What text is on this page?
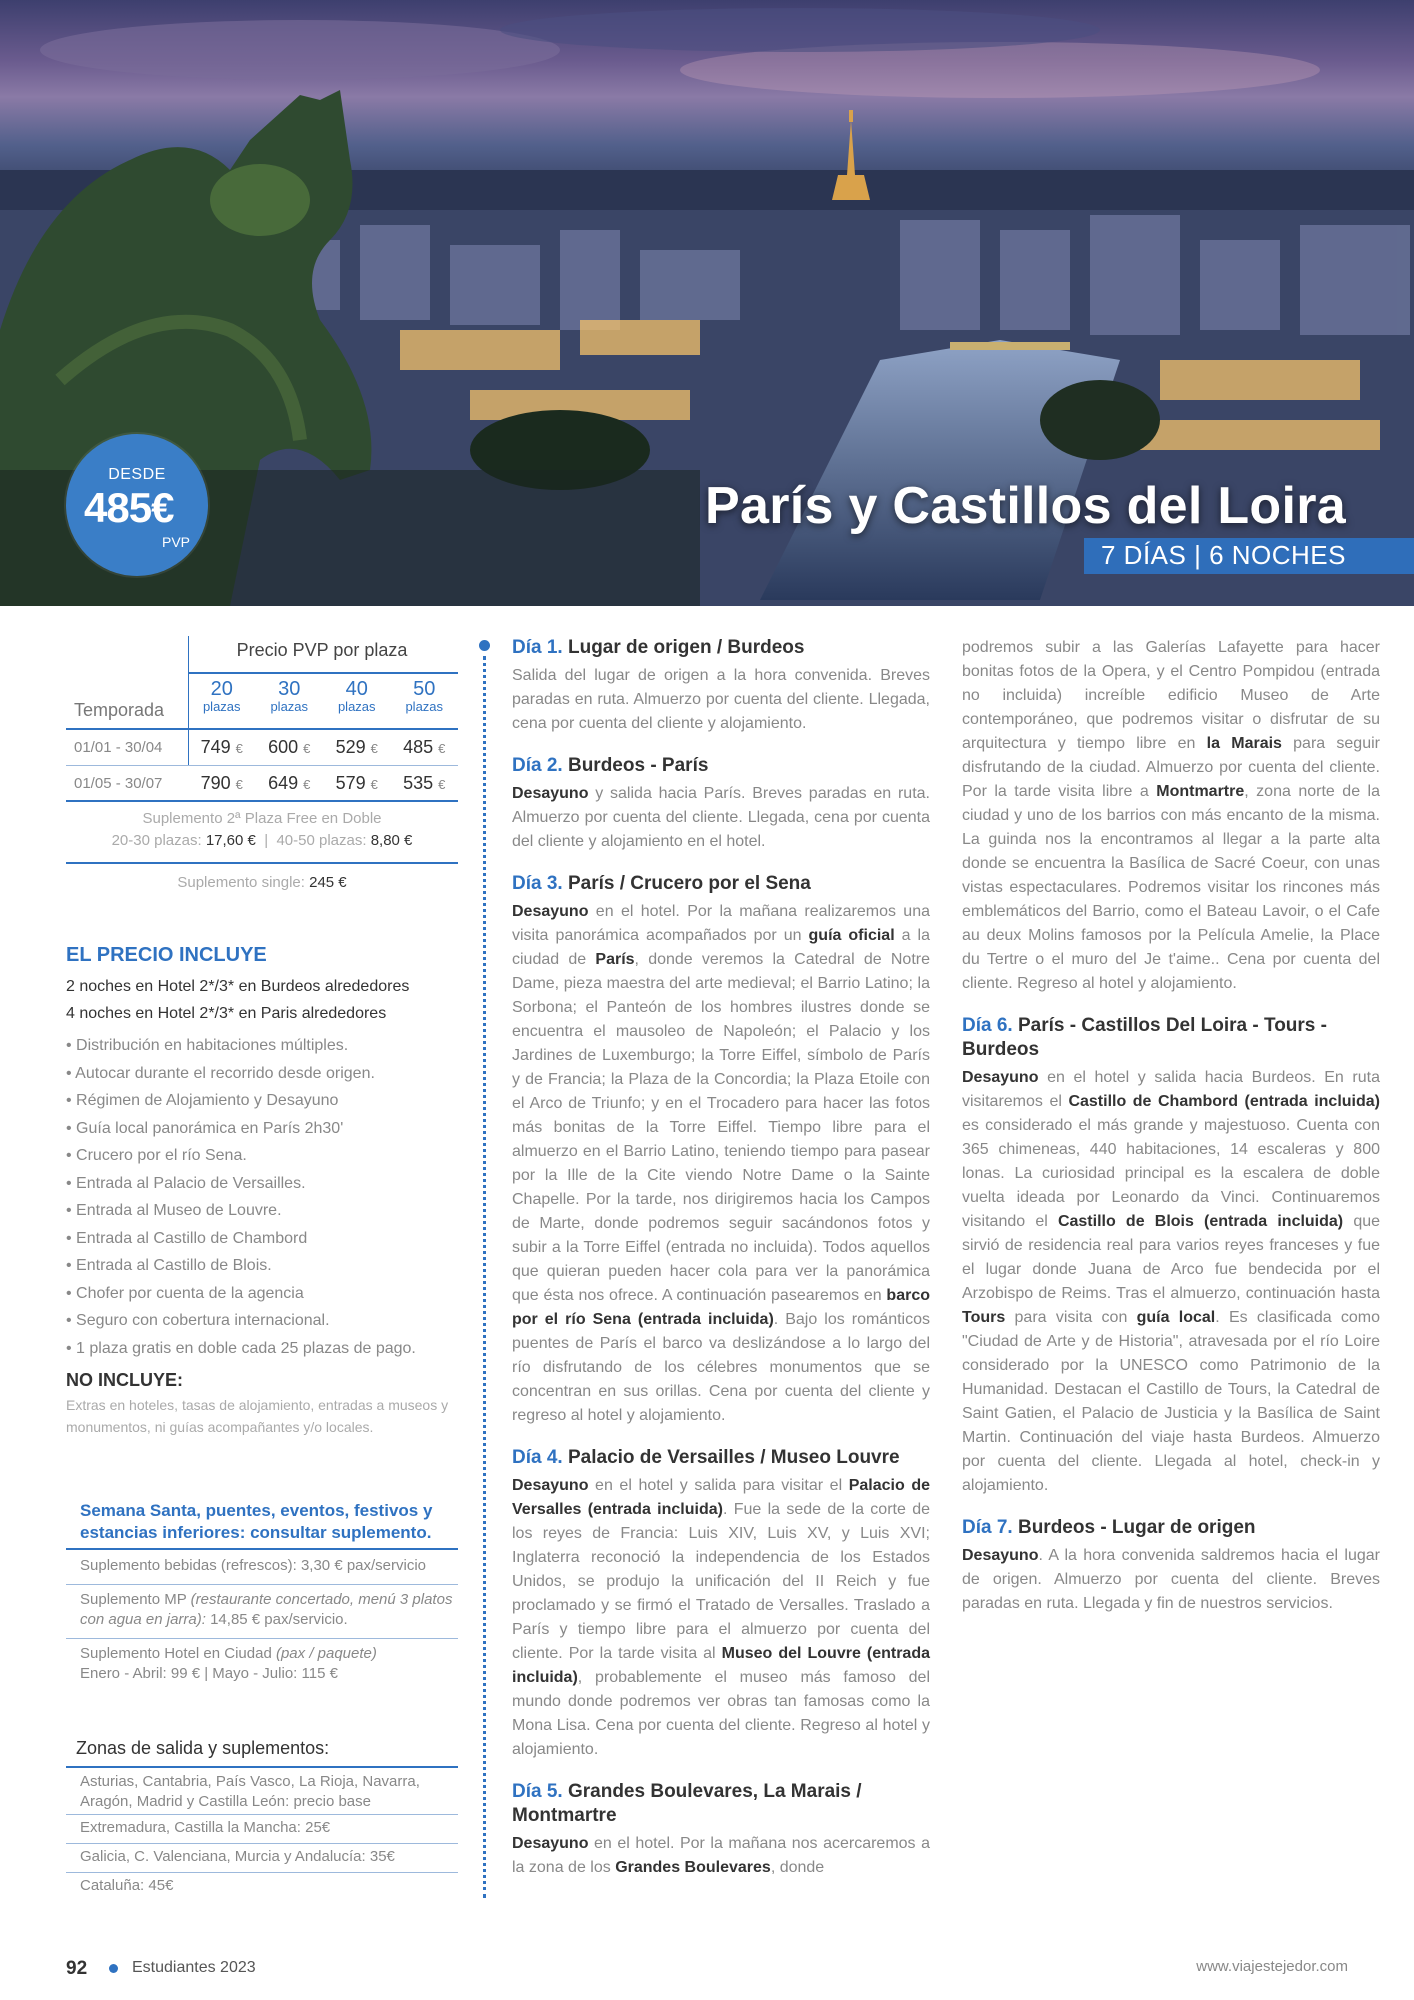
DESDE
485€
PVP
París y Castillos del Loira
7 DÍAS | 6 NOCHES
Precio PVP por plaza
20
plazas
30
plazas
40
plazas
50
plazas
Temporada
01/01 - 30/04	749 €	600 €	529 €	485 €
01/05 - 30/07	790 €	649 €	579 €	535 €
Suplemento 2ª Plaza Free en Doble
20-30 plazas: 17,60 € | 40-50 plazas: 8,80 €
Suplemento single: 245 €
EL PRECIO INCLUYE
2 noches en Hotel 2*/3* en Burdeos alrededores
4 noches en Hotel 2*/3* en Paris alrededores
• Distribución en habitaciones múltiples.
• Autocar durante el recorrido desde origen.
• Régimen de Alojamiento y Desayuno
• Guía local panorámica en París 2h30'
• Crucero por el río Sena.
• Entrada al Palacio de Versailles.
• Entrada al Museo de Louvre.
• Entrada al Castillo de Chambord
• Entrada al Castillo de Blois.
• Chofer por cuenta de la agencia
• Seguro con cobertura internacional.
• 1 plaza gratis en doble cada 25 plazas de pago.
NO INCLUYE:
Extras en hoteles, tasas de alojamiento, entradas a museos y monumentos, ni guías acompañantes y/o locales.
Semana Santa, puentes, eventos, festivos y estancias inferiores: consultar suplemento.
Suplemento bebidas (refrescos): 3,30 € pax/servicio
Suplemento MP (restaurante concertado, menú 3 platos con agua en jarra): 14,85 € pax/servicio.
Suplemento Hotel en Ciudad (pax / paquete)
Enero - Abril: 99 € | Mayo - Julio: 115 €
Zonas de salida y suplementos:
Asturias, Cantabria, País Vasco, La Rioja, Navarra, Aragón, Madrid y Castilla León: precio base
Extremadura, Castilla la Mancha: 25€
Galicia, C. Valenciana, Murcia y Andalucía: 35€
Cataluña: 45€
Día 1. Lugar de origen / Burdeos

Salida del lugar de origen a la hora convenida. Breves paradas en ruta. Almuerzo por cuenta del cliente. Llegada, cena por cuenta del cliente y alojamiento.

Día 2. Burdeos - París

Desayuno y salida hacia París. Breves paradas en ruta. Almuerzo por cuenta del cliente. Llegada, cena por cuenta del cliente y alojamiento en el hotel.

Día 3. París / Crucero por el Sena

Desayuno en el hotel. Por la mañana realizaremos una visita panorámica acompañados por un guía oficial a la ciudad de París, donde veremos la Catedral de Notre Dame, pieza maestra del arte medieval; el Barrio Latino; la Sorbona; el Panteón de los hombres ilustres donde se encuentra el mausoleo de Napoleón; el Palacio y los Jardines de Luxemburgo; la Torre Eiffel, símbolo de París y de Francia; la Plaza de la Concordia; la Plaza Etoile con el Arco de Triunfo; y en el Trocadero para hacer las fotos más bonitas de la Torre Eiffel. Tiempo libre para el almuerzo en el Barrio Latino, teniendo tiempo para pasear por la Ille de la Cite viendo Notre Dame o la Sainte Chapelle. Por la tarde, nos dirigiremos hacia los Campos de Marte, donde podremos seguir sacándonos fotos y subir a la Torre Eiffel (entrada no incluida). Todos aquellos que quieran pueden hacer cola para ver la panorámica que ésta nos ofrece. A continuación pasearemos en barco por el río Sena (entrada incluida). Bajo los románticos puentes de París el barco va deslizándose a lo largo del río disfrutando de los célebres monumentos que se concentran en sus orillas. Cena por cuenta del cliente y regreso al hotel y alojamiento.

Día 4. Palacio de Versailles / Museo Louvre

Desayuno en el hotel y salida para visitar el Palacio de Versalles (entrada incluida). Fue la sede de la corte de los reyes de Francia: Luis XIV, Luis XV, y Luis XVI; Inglaterra reconoció la independencia de los Estados Unidos, se produjo la unificación del II Reich y fue proclamado y se firmó el Tratado de Versalles. Traslado a París y tiempo libre para el almuerzo por cuenta del cliente. Por la tarde visita al Museo del Louvre (entrada incluida), probablemente el museo más famoso del mundo donde podremos ver obras tan famosas como la Mona Lisa. Cena por cuenta del cliente. Regreso al hotel y alojamiento.

Día 5. Grandes Boulevares, La Marais / Montmartre

Desayuno en el hotel. Por la mañana nos acercaremos a la zona de los Grandes Boulevares, donde

podremos subir a las Galerías Lafayette para hacer bonitas fotos de la Opera, y el Centro Pompidou (entrada no incluida) increíble edificio Museo de Arte contemporáneo, que podremos visitar o disfrutar de su arquitectura y tiempo libre en la Marais para seguir disfrutando de la ciudad. Almuerzo por cuenta del cliente. Por la tarde visita libre a Montmartre, zona norte de la ciudad y uno de los barrios con más encanto de la misma. La guinda nos la encontramos al llegar a la parte alta donde se encuentra la Basílica de Sacré Coeur, con unas vistas espectaculares. Podremos visitar los rincones más emblemáticos del Barrio, como el Bateau Lavoir, o el Cafe au deux Molins famosos por la Película Amelie, la Place du Tertre o el muro del Je t'aime.. Cena por cuenta del cliente. Regreso al hotel y alojamiento.

Día 6. París - Castillos Del Loira - Tours - Burdeos

Desayuno en el hotel y salida hacia Burdeos. En ruta visitaremos el Castillo de Chambord (entrada incluida) es considerado el más grande y majestuoso. Cuenta con 365 chimeneas, 440 habitaciones, 14 escaleras y 800 lonas. La curiosidad principal es la escalera de doble vuelta ideada por Leonardo da Vinci. Continuaremos visitando el Castillo de Blois (entrada incluida) que sirvió de residencia real para varios reyes franceses y fue el lugar donde Juana de Arco fue bendecida por el Arzobispo de Reims. Tras el almuerzo, continuación hasta Tours para visita con guía local. Es clasificada como "Ciudad de Arte y de Historia", atravesada por el río Loire considerado por la UNESCO como Patrimonio de la Humanidad. Destacan el Castillo de Tours, la Catedral de Saint Gatien, el Palacio de Justicia y la Basílica de Saint Martin. Continuación del viaje hasta Burdeos. Almuerzo por cuenta del cliente. Llegada al hotel, check-in y alojamiento.

Día 7. Burdeos - Lugar de origen

Desayuno. A la hora convenida saldremos hacia el lugar de origen. Almuerzo por cuenta del cliente. Breves paradas en ruta. Llegada y fin de nuestros servicios.

92	Estudiantes 2023	www.viajestejedor.com
